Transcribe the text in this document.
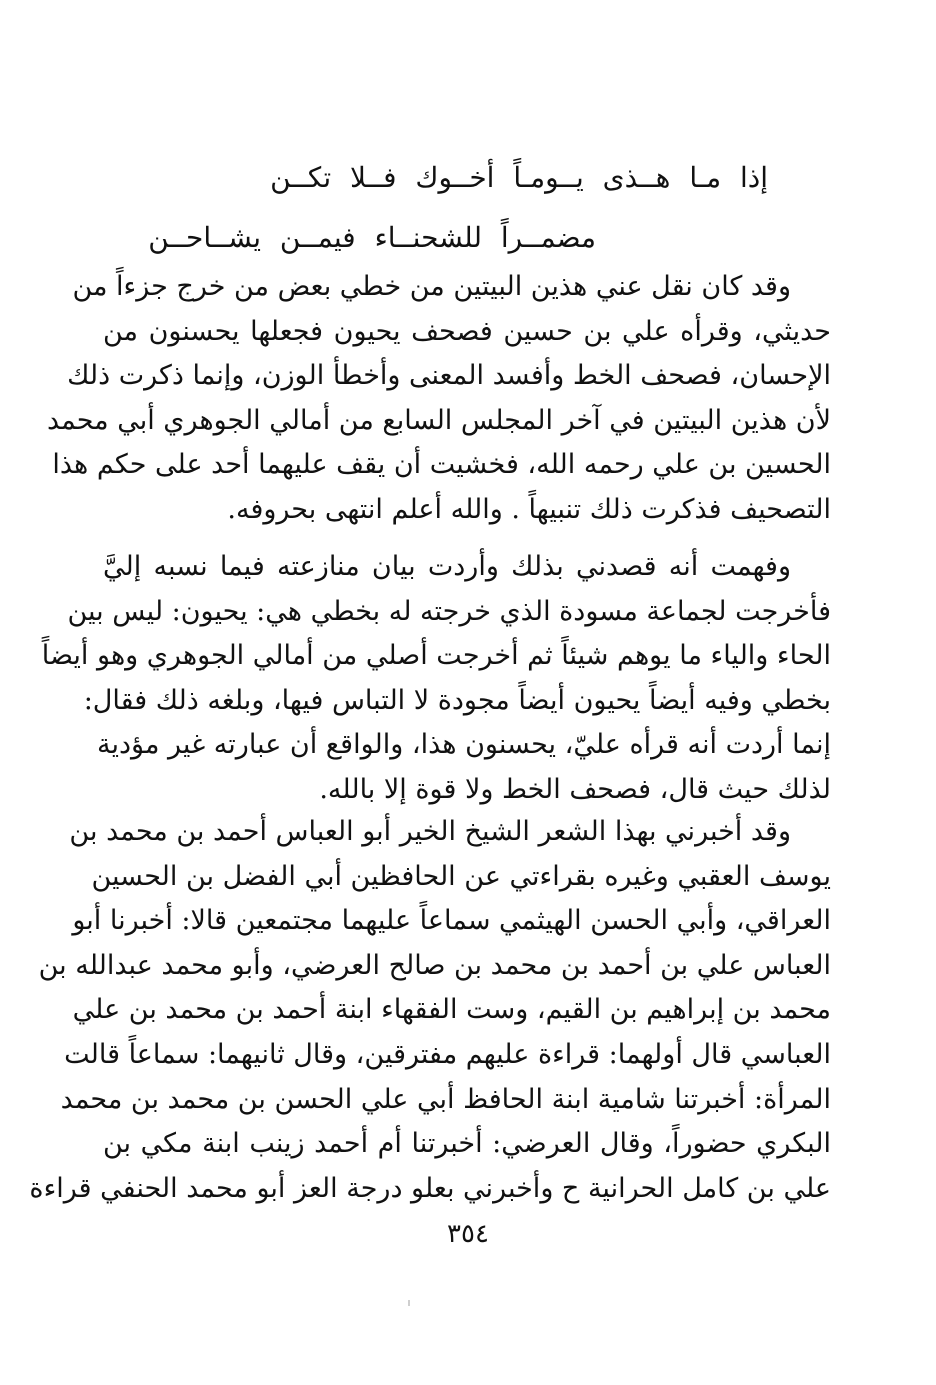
إذا مـا هــذى يــومـاً أخــوك فــلا تكــن
مضمــراً للشحنــاء فيمــن يشــاحــن
وقد كان نقل عني هذين البيتين من خطي بعض من خرج جزءاً من
حديثي، وقرأه علي بن حسين فصحف يحيون فجعلها يحسنون من
الإحسان، فصحف الخط وأفسد المعنى وأخطأ الوزن، وإنما ذكرت ذلك
لأن هذين البيتين في آخر المجلس السابع من أمالي الجوهري أبي محمد
الحسين بن علي رحمه الله، فخشيت أن يقف عليهما أحد على حكم هذا
التصحيف فذكرت ذلك تنبيهاً . والله أعلم انتهى بحروفه.
وفهمت أنه قصدني بذلك وأردت بيان منازعته فيما نسبه إليَّ
فأخرجت لجماعة مسودة الذي خرجته له بخطي هي: يحيون: ليس بين
الحاء والياء ما يوهم شيئاً ثم أخرجت أصلي من أمالي الجوهري وهو أيضاً
بخطي وفيه أيضاً يحيون أيضاً مجودة لا التباس فيها، وبلغه ذلك فقال:
إنما أردت أنه قرأه عليّ، يحسنون هذا، والواقع أن عبارته غير مؤدية
لذلك حيث قال، فصحف الخط ولا قوة إلا بالله.
وقد أخبرني بهذا الشعر الشيخ الخير أبو العباس أحمد بن محمد بن
يوسف العقبي وغيره بقراءتي عن الحافظين أبي الفضل بن الحسين
العراقي، وأبي الحسن الهيثمي سماعاً عليهما مجتمعين قالا: أخبرنا أبو
العباس علي بن أحمد بن محمد بن صالح العرضي، وأبو محمد عبدالله بن
محمد بن إبراهيم بن القيم، وست الفقهاء ابنة أحمد بن محمد بن علي
العباسي قال أولهما: قراءة عليهم مفترقين، وقال ثانيهما: سماعاً قالت
المرأة: أخبرتنا شامية ابنة الحافظ أبي علي الحسن بن محمد بن محمد
البكري حضوراً، وقال العرضي: أخبرتنا أم أحمد زينب ابنة مكي بن
علي بن كامل الحرانية ح وأخبرني بعلو درجة العز أبو محمد الحنفي قراءة
٣٥٤
